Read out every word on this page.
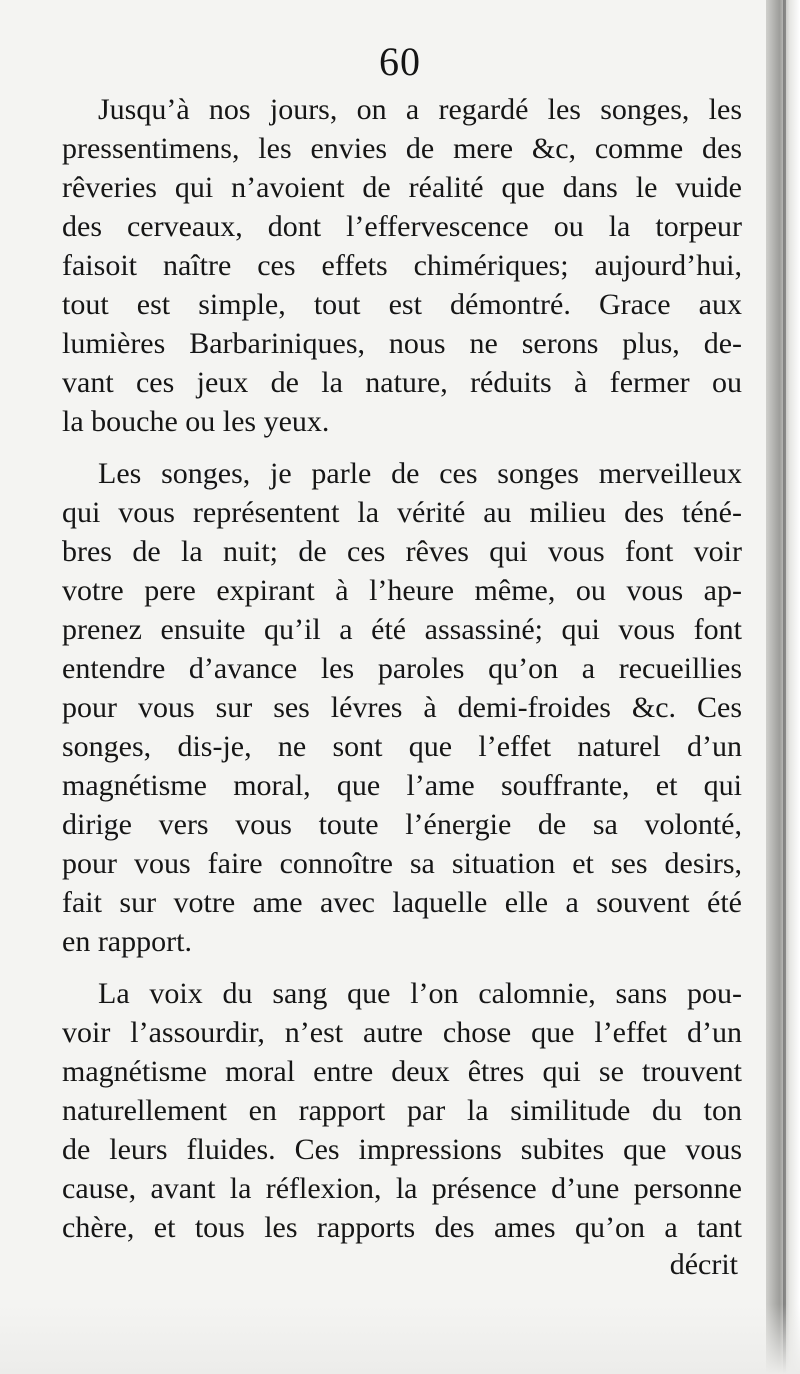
60
Jusqu’à nos jours, on a regardé les songes, les
pressentimens, les envies de mere &c, comme des
rêveries qui n’avoient de réalité que dans le vuide
des cerveaux, dont l’effervescence ou la torpeur
faisoit naître ces effets chimériques; aujourd’hui,
tout est simple, tout est démontré. Grace aux
lumières Barbariniques, nous ne serons plus, de-
vant ces jeux de la nature, réduits à fermer ou
la bouche ou les yeux.
Les songes, je parle de ces songes merveilleux
qui vous représentent la vérité au milieu des téné-
bres de la nuit; de ces rêves qui vous font voir
votre pere expirant à l’heure même, ou vous ap-
prenez ensuite qu’il a été assassiné; qui vous font
entendre d’avance les paroles qu’on a recueillies
pour vous sur ses lévres à demi-froides &c. Ces
songes, dis-je, ne sont que l’effet naturel d’un
magnétisme moral, que l’ame souffrante, et qui
dirige vers vous toute l’énergie de sa volonté,
pour vous faire connoître sa situation et ses desirs,
fait sur votre ame avec laquelle elle a souvent été
en rapport.
La voix du sang que l’on calomnie, sans pou-
voir l’assourdir, n’est autre chose que l’effet d’un
magnétisme moral entre deux êtres qui se trouvent
naturellement en rapport par la similitude du ton
de leurs fluides. Ces impressions subites que vous
cause, avant la réflexion, la présence d’une personne
chère, et tous les rapports des ames qu’on a tant
décrit
